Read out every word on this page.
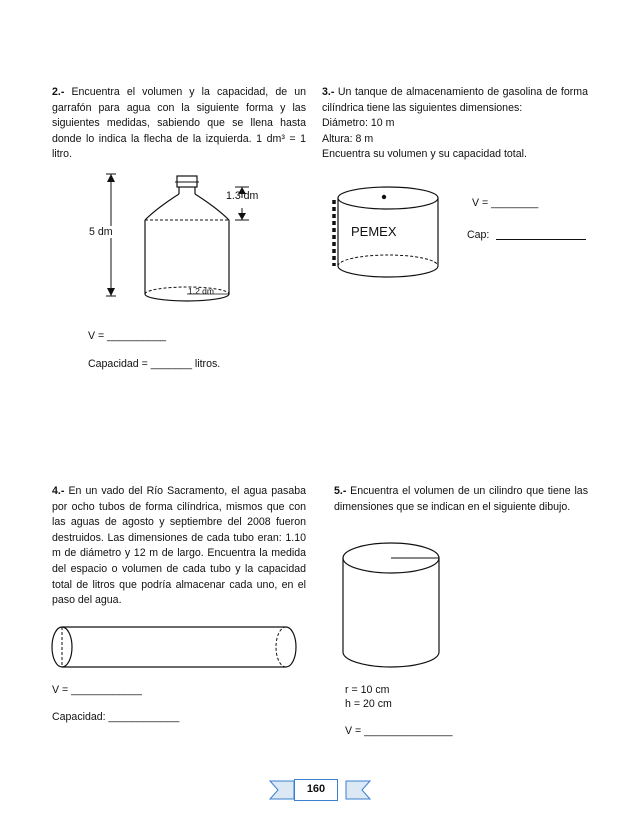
2.- Encuentra el volumen y la capacidad, de un garrafón para agua con la siguiente forma y las siguientes medidas, sabiendo que se llena hasta donde lo indica la flecha de la izquierda. 1 dm³ = 1 litro.
5 dm
1.3 dm
1.2 dm
V = __________
Capacidad = _______ litros.
3.- Un tanque de almacenamiento de gasolina de forma cilíndrica tiene las siguientes dimensiones:
Diámetro: 10 m
Altura: 8 m
Encuentra su volumen y su capacidad total.
PEMEX
V = ________
Cap:
4.- En un vado del Río Sacramento, el agua pasaba por ocho tubos de forma cilíndrica, mismos que con las aguas de agosto y septiembre del 2008 fueron destruidos. Las dimensiones de cada tubo eran: 1.10 m de diámetro y 12 m de largo. Encuentra la medida del espacio o volumen de cada tubo y la capacidad total de litros que podría almacenar cada uno, en el paso del agua.
V = ____________
Capacidad: ____________
5.- Encuentra el volumen de un cilindro que tiene las dimensiones que se indican en el siguiente dibujo.
r = 10 cm
h = 20 cm
V = _______________
160
